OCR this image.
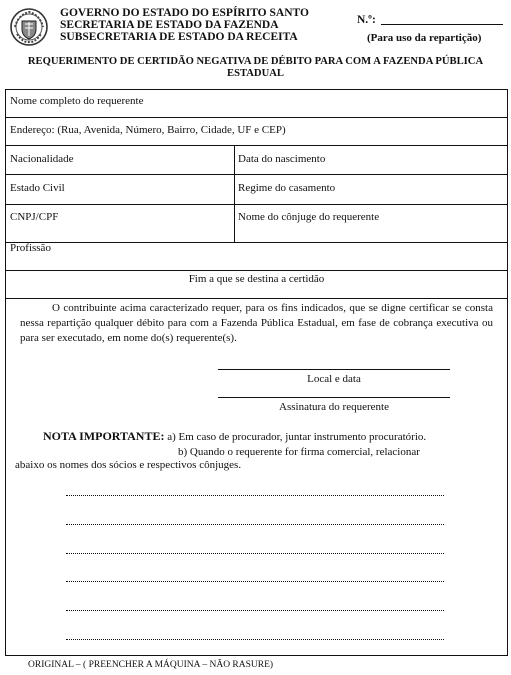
GOVERNO DO ESTADO DO ESPÍRITO SANTO
SECRETARIA DE ESTADO DA FAZENDA
SUBSECRETARIA DE ESTADO DA RECEITA
N.º:
(Para uso da repartição)
REQUERIMENTO DE CERTIDÃO NEGATIVA DE DÉBITO PARA COM A FAZENDA PÚBLICA
ESTADUAL
Nome completo do requerente
Endereço: (Rua, Avenida, Número, Bairro, Cidade, UF e CEP)
Nacionalidade	Data do nascimento
Estado Civil	Regime do casamento
CNPJ/CPF	Nome do cônjuge do requerente
Profissão
Fim a que se destina a certidão
O contribuinte acima caracterizado requer, para os fins indicados, que se digne certificar se consta nessa repartição qualquer débito para com a Fazenda Pública Estadual, em fase de cobrança executiva ou para ser executado, em nome do(s) requerente(s).
Local e data
Assinatura do requerente
NOTA IMPORTANTE: a) Em caso de procurador, juntar instrumento procuratório.
b) Quando o requerente for firma comercial, relacionar
abaixo os nomes dos sócios e respectivos cônjuges.
ORIGINAL – ( PREENCHER A MÁQUINA – NÃO RASURE)
